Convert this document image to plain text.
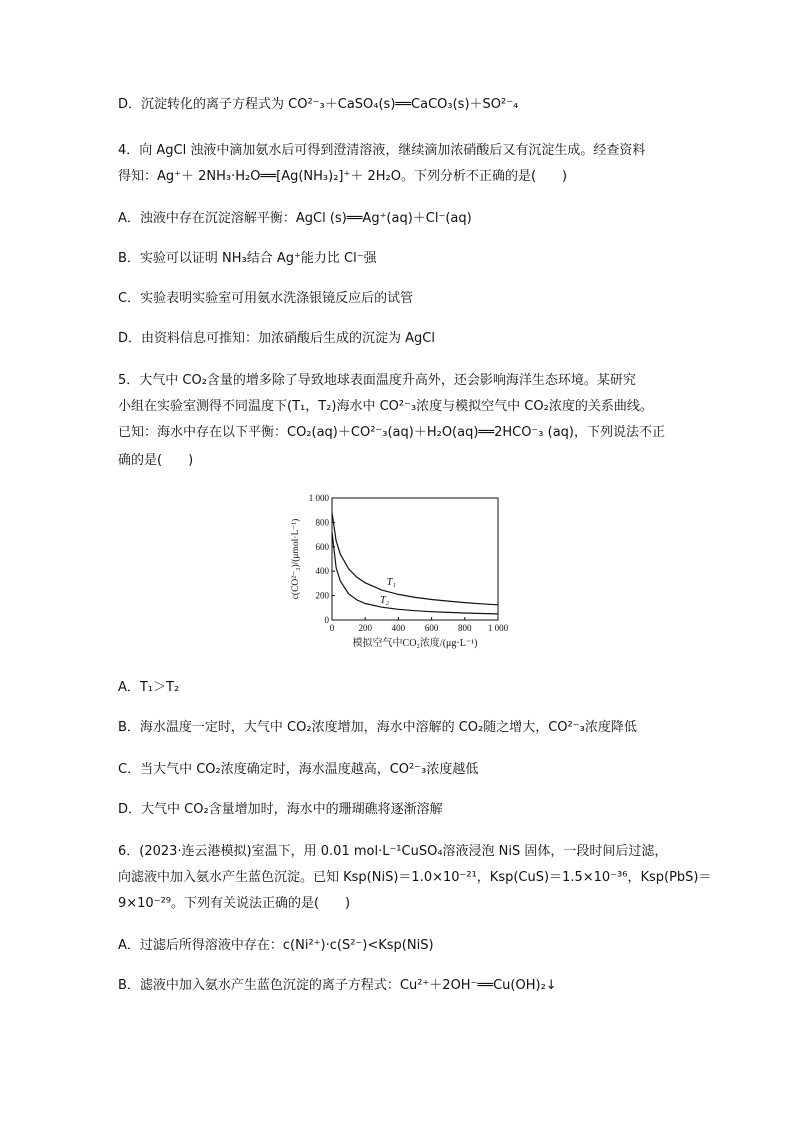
D．沉淀转化的离子方程式为 CO²⁻₃＋CaSO₄(s)══CaCO₃(s)＋SO²⁻₄
4．向 AgCl 浊液中滴加氨水后可得到澄清溶液，继续滴加浓硝酸后又有沉淀生成。经查资料
得知：Ag⁺＋ 2NH₃·H₂O══[Ag(NH₃)₂]⁺＋ 2H₂O。下列分析不正确的是(　　)
A．浊液中存在沉淀溶解平衡：AgCl (s)══Ag⁺(aq)＋Cl⁻(aq)
B．实验可以证明 NH₃结合 Ag⁺能力比 Cl⁻强
C．实验表明实验室可用氨水洗涤银镜反应后的试管
D．由资料信息可推知：加浓硝酸后生成的沉淀为 AgCl
5．大气中 CO₂含量的增多除了导致地球表面温度升高外，还会影响海洋生态环境。某研究
小组在实验室测得不同温度下(T₁，T₂)海水中 CO²⁻₃浓度与模拟空气中 CO₂浓度的关系曲线。
已知：海水中存在以下平衡：CO₂(aq)＋CO²⁻₃(aq)＋H₂O(aq)══2HCO⁻₃ (aq)，下列说法不正
确的是(　　)
0
0
200
200
400
400
600
600
800
800
1 000
1 000
模拟空气中CO₂浓度/(μg·L⁻¹)
c(CO²⁻₃)/(μmol·L⁻¹)	T₁
T₂
A．T₁＞T₂
B．海水温度一定时，大气中 CO₂浓度增加，海水中溶解的 CO₂随之增大，CO²⁻₃浓度降低
C．当大气中 CO₂浓度确定时，海水温度越高，CO²⁻₃浓度越低
D．大气中 CO₂含量增加时，海水中的珊瑚礁将逐渐溶解
6．(2023·连云港模拟)室温下，用 0.01 mol·L⁻¹CuSO₄溶液浸泡 NiS 固体，一段时间后过滤，
向滤液中加入氨水产生蓝色沉淀。已知 Ksp(NiS)＝1.0×10⁻²¹，Ksp(CuS)＝1.5×10⁻³⁶，Ksp(PbS)＝
9×10⁻²⁹。下列有关说法正确的是(　　)
A．过滤后所得溶液中存在：c(Ni²⁺)·c(S²⁻)<Ksp(NiS)
B．滤液中加入氨水产生蓝色沉淀的离子方程式：Cu²⁺＋2OH⁻══Cu(OH)₂↓
